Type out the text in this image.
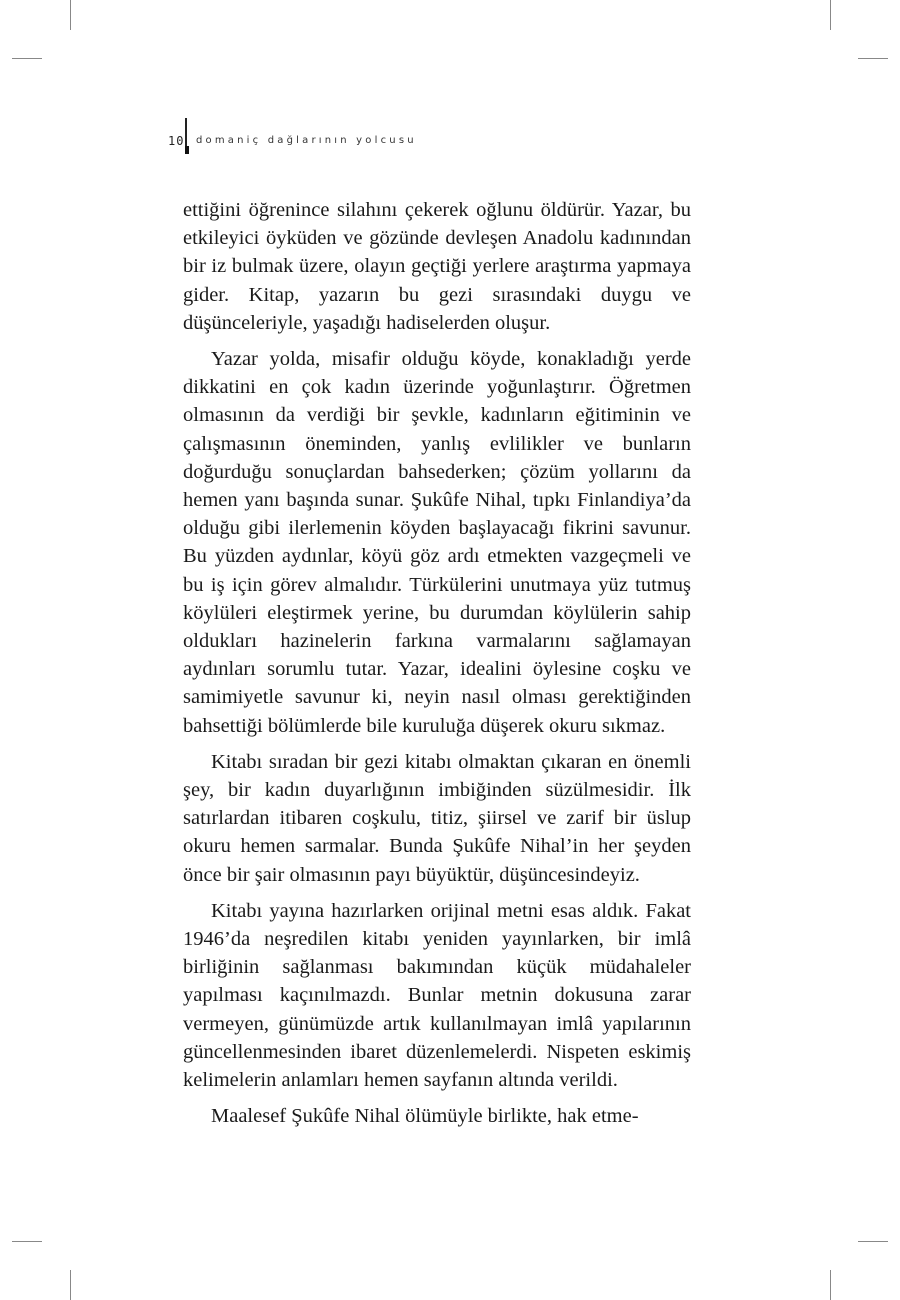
10 domaniç dağlarının yolcusu

ettiğini öğrenince silahını çekerek oğlunu öldürür. Yazar, bu etkileyici öyküden ve gözünde devleşen Anadolu kadınından bir iz bulmak üzere, olayın geçtiği yerlere araştırma yapmaya gider. Kitap, yazarın bu gezi sırasındaki duygu ve düşünceleriyle, yaşadığı hadiselerden oluşur.

Yazar yolda, misafir olduğu köyde, konakladığı yerde dikkatini en çok kadın üzerinde yoğunlaştırır. Öğretmen olmasının da verdiği bir şevkle, kadınların eğitiminin ve çalışmasının öneminden, yanlış evlilikler ve bunların doğurduğu sonuçlardan bahsederken; çözüm yollarını da hemen yanı başında sunar. Şukûfe Nihal, tıpkı Finlandiya’da olduğu gibi ilerlemenin köyden başlayacağı fikrini savunur. Bu yüzden aydınlar, köyü göz ardı etmekten vazgeçmeli ve bu iş için görev almalıdır. Türkülerini unutmaya yüz tutmuş köylüleri eleştirmek yerine, bu durumdan köylülerin sahip oldukları hazinelerin farkına varmalarını sağlamayan aydınları sorumlu tutar. Yazar, idealini öylesine coşku ve samimiyetle savunur ki, neyin nasıl olması gerektiğinden bahsettiği bölümlerde bile kuruluğa düşerek okuru sıkmaz.

Kitabı sıradan bir gezi kitabı olmaktan çıkaran en önemli şey, bir kadın duyarlığının imbiğinden süzülmesidir. İlk satırlardan itibaren coşkulu, titiz, şiirsel ve zarif bir üslup okuru hemen sarmalar. Bunda Şukûfe Nihal’in her şeyden önce bir şair olmasının payı büyüktür, düşüncesindeyiz.

Kitabı yayına hazırlarken orijinal metni esas aldık. Fakat 1946’da neşredilen kitabı yeniden yayınlarken, bir imlâ birliğinin sağlanması bakımından küçük müdahaleler yapılması kaçınılmazdı. Bunlar metnin dokusuna zarar vermeyen, günümüzde artık kullanılmayan imlâ yapılarının güncellenmesinden ibaret düzenlemelerdi. Nispeten eskimiş kelimelerin anlamları hemen sayfanın altında verildi.

Maalesef Şukûfe Nihal ölümüyle birlikte, hak etme-
